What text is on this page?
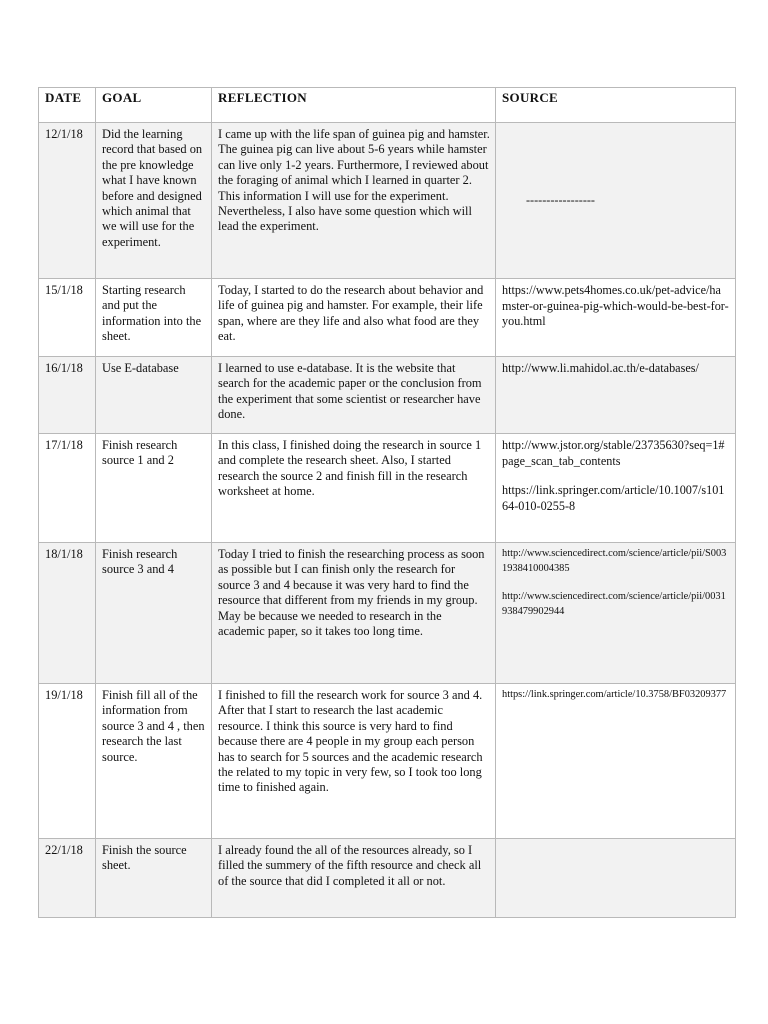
DATE	GOAL	REFLECTION	SOURCE
12/1/18	Did the learning record that based on the pre knowledge what I have known before and designed which animal that we will use for the experiment.	I came up with the life span of guinea pig and hamster. The guinea pig can live about 5-6 years while hamster can live only 1-2 years. Furthermore, I reviewed about the foraging of animal which I learned in quarter 2. This information I will use for the experiment. Nevertheless, I also have some question which will lead the experiment.	-----------------

15/1/18	Starting research and put the information into the sheet.	Today, I started to do the research about behavior and life of guinea pig and hamster. For example, their life span, where are they life and also what food are they eat.	https://www.pets4homes.co.uk/pet-advice/hamster-or-guinea-pig-which-would-be-best-for-you.html

16/1/18	Use E-database	I learned to use e-database. It is the website that search for the academic paper or the conclusion from the experiment that some scientist or researcher have done.	http://www.li.mahidol.ac.th/e-databases/

17/1/18	Finish research source 1 and 2	In this class, I finished doing the research in source 1 and complete the research sheet. Also, I started research the source 2 and finish fill in the research worksheet at home.	http://www.jstor.org/stable/23735630?seq=1#page_scan_tab_contents
https://link.springer.com/article/10.1007/s10164-010-0255-8

18/1/18	Finish research source 3 and 4	Today I tried to finish the researching process as soon as possible but I can finish only the research for source 3 and 4 because it was very hard to find the resource that different from my friends in my group. May be because we needed to research in the academic paper, so it takes too long time.	http://www.sciencedirect.com/science/article/pii/S0031938410004385
http://www.sciencedirect.com/science/article/pii/0031938479902944

19/1/18	Finish fill all of the information from source 3 and 4 , then research the last source.	I finished to fill the research work for source 3 and 4. After that I start to research the last academic resource. I think this source is very hard to find because there are 4 people in my group each person has to search for 5 sources and the academic research the related to my topic in very few, so I took too long time to finished again.	https://link.springer.com/article/10.3758/BF03209377

22/1/18	Finish the source sheet.	I already found the all of the resources already, so I filled the summery of the fifth resource and check all of the source that did I completed it all or not.	
